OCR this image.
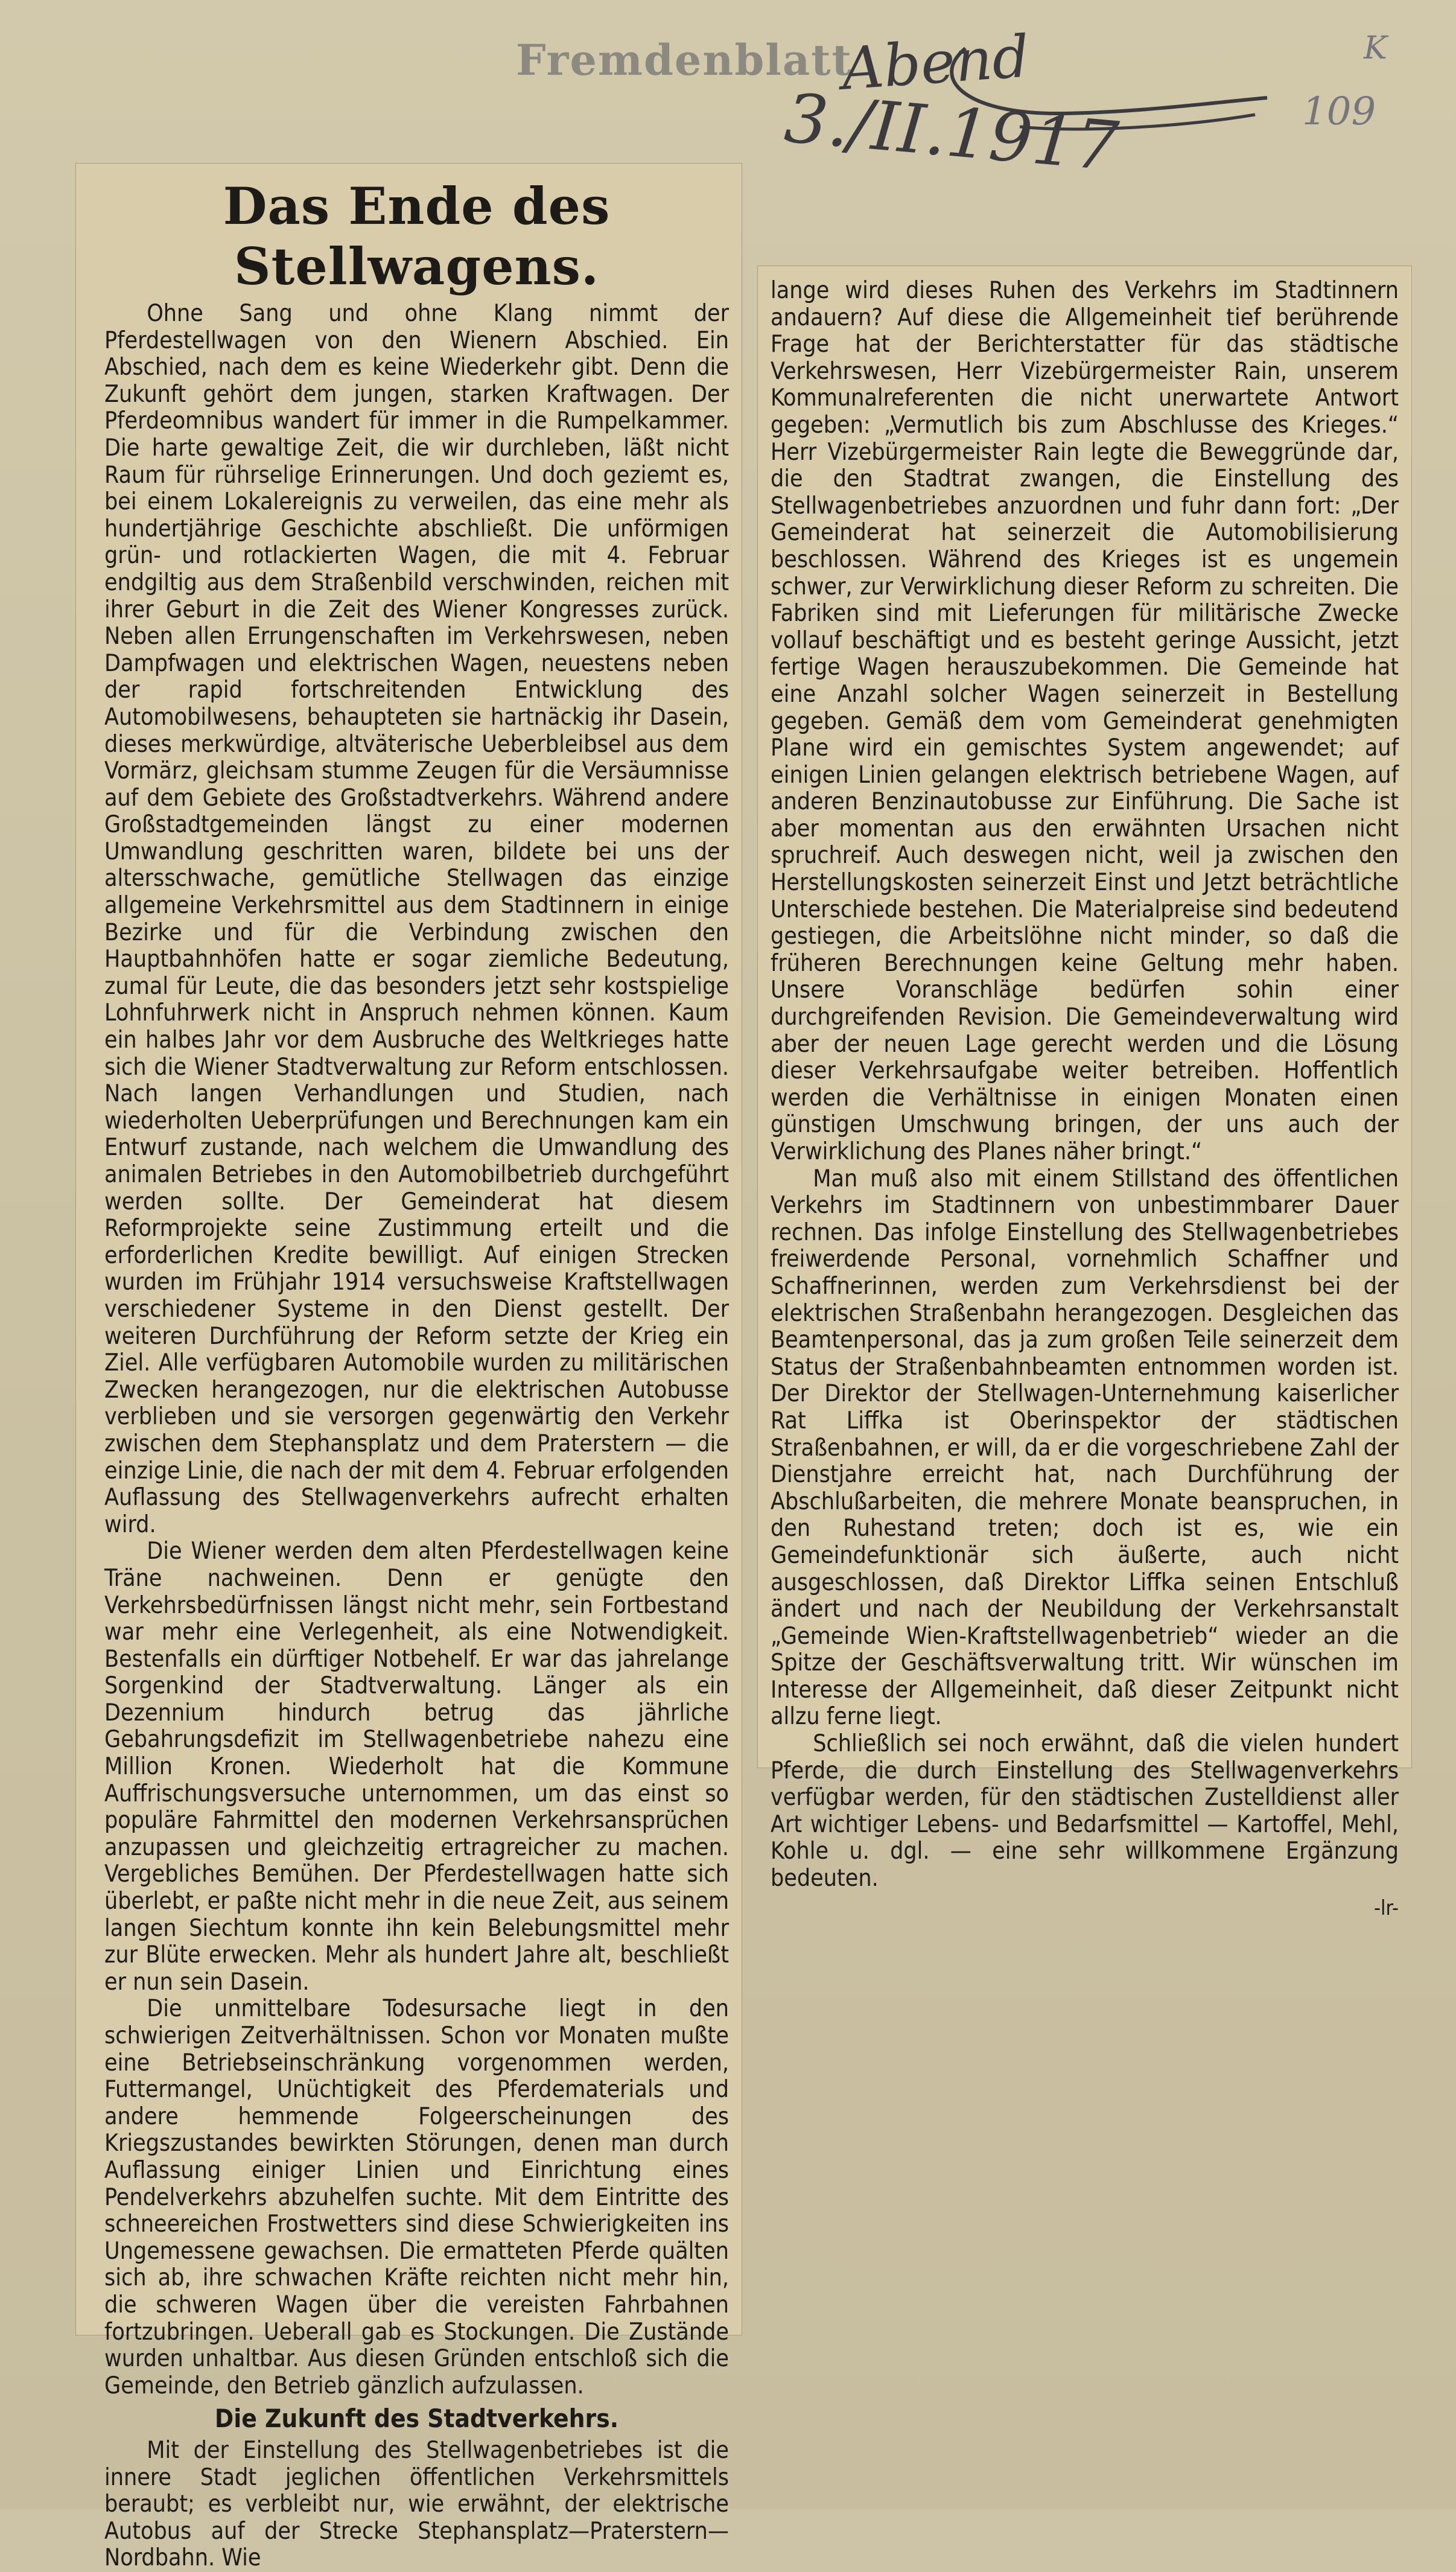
Fremdenblatt
Abend
3./II.1917	109
K
Das Ende des Stellwagens.

Ohne Sang und ohne Klang nimmt der Pferdestellwagen von den Wienern Abschied. Ein Abschied, nach dem es keine Wiederkehr gibt. Denn die Zukunft gehört dem jungen, starken Kraftwagen. Der Pferdeomnibus wandert für immer in die Rumpelkammer. Die harte gewaltige Zeit, die wir durchleben, läßt nicht Raum für rührselige Erinnerungen. Und doch geziemt es, bei einem Lokalereignis zu verweilen, das eine mehr als hundertjährige Geschichte abschließt. Die unförmigen grün- und rotlackierten Wagen, die mit 4. Februar endgiltig aus dem Straßenbild verschwinden, reichen mit ihrer Geburt in die Zeit des Wiener Kongresses zurück. Neben allen Errungenschaften im Verkehrswesen, neben Dampfwagen und elektrischen Wagen, neuestens neben der rapid fortschreitenden Entwicklung des Automobilwesens, behaupteten sie hartnäckig ihr Dasein, dieses merkwürdige, altväterische Ueberbleibsel aus dem Vormärz, gleichsam stumme Zeugen für die Versäumnisse auf dem Gebiete des Großstadtverkehrs. Während andere Großstadtgemeinden längst zu einer modernen Umwandlung geschritten waren, bildete bei uns der altersschwache, gemütliche Stellwagen das einzige allgemeine Verkehrsmittel aus dem Stadtinnern in einige Bezirke und für die Verbindung zwischen den Hauptbahnhöfen hatte er sogar ziemliche Bedeutung, zumal für Leute, die das besonders jetzt sehr kostspielige Lohnfuhrwerk nicht in Anspruch nehmen können. Kaum ein halbes Jahr vor dem Ausbruche des Weltkrieges hatte sich die Wiener Stadtverwaltung zur Reform entschlossen. Nach langen Verhandlungen und Studien, nach wiederholten Ueberprüfungen und Berechnungen kam ein Entwurf zustande, nach welchem die Umwandlung des animalen Betriebes in den Automobilbetrieb durchgeführt werden sollte. Der Gemeinderat hat diesem Reformprojekte seine Zustimmung erteilt und die erforderlichen Kredite bewilligt. Auf einigen Strecken wurden im Frühjahr 1914 versuchsweise Kraftstellwagen verschiedener Systeme in den Dienst gestellt. Der weiteren Durchführung der Reform setzte der Krieg ein Ziel. Alle verfügbaren Automobile wurden zu militärischen Zwecken herangezogen, nur die elektrischen Autobusse verblieben und sie versorgen gegenwärtig den Verkehr zwischen dem Stephansplatz und dem Praterstern — die einzige Linie, die nach der mit dem 4. Februar erfolgenden Auflassung des Stellwagenverkehrs aufrecht erhalten wird.

Die Wiener werden dem alten Pferdestellwagen keine Träne nachweinen. Denn er genügte den Verkehrsbedürfnissen längst nicht mehr, sein Fortbestand war mehr eine Verlegenheit, als eine Notwendigkeit. Bestenfalls ein dürftiger Notbehelf. Er war das jahrelange Sorgenkind der Stadtverwaltung. Länger als ein Dezennium hindurch betrug das jährliche Gebahrungsdefizit im Stellwagenbetriebe nahezu eine Million Kronen. Wiederholt hat die Kommune Auffrischungsversuche unternommen, um das einst so populäre Fahrmittel den modernen Verkehrsansprüchen anzupassen und gleichzeitig ertragreicher zu machen. Vergebliches Bemühen. Der Pferdestellwagen hatte sich überlebt, er paßte nicht mehr in die neue Zeit, aus seinem langen Siechtum konnte ihn kein Belebungsmittel mehr zur Blüte erwecken. Mehr als hundert Jahre alt, beschließt er nun sein Dasein.

Die unmittelbare Todesursache liegt in den schwierigen Zeitverhältnissen. Schon vor Monaten mußte eine Betriebseinschränkung vorgenommen werden, Futtermangel, Unüchtigkeit des Pferdematerials und andere hemmende Folgeerscheinungen des Kriegszustandes bewirkten Störungen, denen man durch Auflassung einiger Linien und Einrichtung eines Pendelverkehrs abzuhelfen suchte. Mit dem Eintritte des schneereichen Frostwetters sind diese Schwierigkeiten ins Ungemessene gewachsen. Die ermatteten Pferde quälten sich ab, ihre schwachen Kräfte reichten nicht mehr hin, die schweren Wagen über die vereisten Fahrbahnen fortzubringen. Ueberall gab es Stockungen. Die Zustände wurden unhaltbar. Aus diesen Gründen entschloß sich die Gemeinde, den Betrieb gänzlich aufzulassen.

Die Zukunft des Stadtverkehrs.

Mit der Einstellung des Stellwagenbetriebes ist die innere Stadt jeglichen öffentlichen Verkehrsmittels beraubt; es verbleibt nur, wie erwähnt, der elektrische Autobus auf der Strecke Stephansplatz—Praterstern—Nordbahn. Wie

lange wird dieses Ruhen des Verkehrs im Stadtinnern andauern? Auf diese die Allgemeinheit tief berührende Frage hat der Berichterstatter für das städtische Verkehrswesen, Herr Vizebürgermeister Rain, unserem Kommunalreferenten die nicht unerwartete Antwort gegeben: „Vermutlich bis zum Abschlusse des Krieges.“ Herr Vizebürgermeister Rain legte die Beweggründe dar, die den Stadtrat zwangen, die Einstellung des Stellwagenbetriebes anzuordnen und fuhr dann fort: „Der Gemeinderat hat seinerzeit die Automobilisierung beschlossen. Während des Krieges ist es ungemein schwer, zur Verwirklichung dieser Reform zu schreiten. Die Fabriken sind mit Lieferungen für militärische Zwecke vollauf beschäftigt und es besteht geringe Aussicht, jetzt fertige Wagen herauszubekommen. Die Gemeinde hat eine Anzahl solcher Wagen seinerzeit in Bestellung gegeben. Gemäß dem vom Gemeinderat genehmigten Plane wird ein gemischtes System angewendet; auf einigen Linien gelangen elektrisch betriebene Wagen, auf anderen Benzinautobusse zur Einführung. Die Sache ist aber momentan aus den erwähnten Ursachen nicht spruchreif. Auch deswegen nicht, weil ja zwischen den Herstellungskosten seinerzeit Einst und Jetzt beträchtliche Unterschiede bestehen. Die Materialpreise sind bedeutend gestiegen, die Arbeitslöhne nicht minder, so daß die früheren Berechnungen keine Geltung mehr haben. Unsere Voranschläge bedürfen sohin einer durchgreifenden Revision. Die Gemeindeverwaltung wird aber der neuen Lage gerecht werden und die Lösung dieser Verkehrsaufgabe weiter betreiben. Hoffentlich werden die Verhältnisse in einigen Monaten einen günstigen Umschwung bringen, der uns auch der Verwirklichung des Planes näher bringt.“

Man muß also mit einem Stillstand des öffentlichen Verkehrs im Stadtinnern von unbestimmbarer Dauer rechnen. Das infolge Einstellung des Stellwagenbetriebes freiwerdende Personal, vornehmlich Schaffner und Schaffnerinnen, werden zum Verkehrsdienst bei der elektrischen Straßenbahn herangezogen. Desgleichen das Beamtenpersonal, das ja zum großen Teile seinerzeit dem Status der Straßenbahnbeamten entnommen worden ist. Der Direktor der Stellwagen-Unternehmung kaiserlicher Rat Liffka ist Oberinspektor der städtischen Straßenbahnen, er will, da er die vorgeschriebene Zahl der Dienstjahre erreicht hat, nach Durchführung der Abschlußarbeiten, die mehrere Monate beanspruchen, in den Ruhestand treten; doch ist es, wie ein Gemeindefunktionär sich äußerte, auch nicht ausgeschlossen, daß Direktor Liffka seinen Entschluß ändert und nach der Neubildung der Verkehrsanstalt „Gemeinde Wien-Kraftstellwagenbetrieb“ wieder an die Spitze der Geschäftsverwaltung tritt. Wir wünschen im Interesse der Allgemeinheit, daß dieser Zeitpunkt nicht allzu ferne liegt.

Schließlich sei noch erwähnt, daß die vielen hundert Pferde, die durch Einstellung des Stellwagenverkehrs verfügbar werden, für den städtischen Zustelldienst aller Art wichtiger Lebens- und Bedarfsmittel — Kartoffel, Mehl, Kohle u. dgl. — eine sehr willkommene Ergänzung bedeuten.

-lr-
